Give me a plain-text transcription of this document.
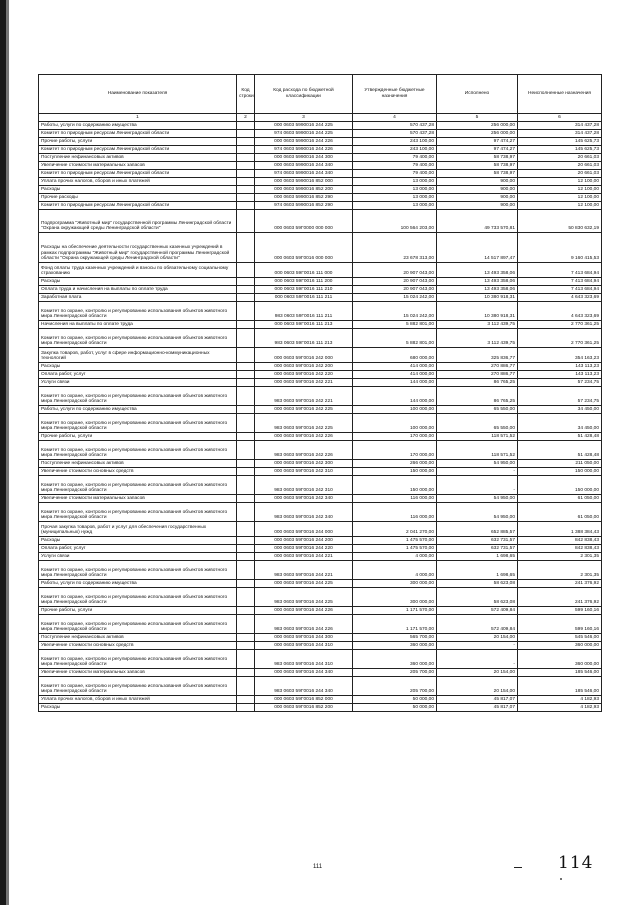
Наименование показателя	Код строки	Код расхода по бюджетной классификации	Утвержденные бюджетные назначения	Исполнено	Неисполненные назначения
1	2	3	4	5	6
Работы, услуги по содержанию имущества		000 0603 5990016 244 225	570 437,28	256 000,00	314 437,28
Комитет по природным ресурсам Ленинградской области		974 0603 5990016 244 225	570 437,28	256 000,00	314 437,28
Прочие работы, услуги		000 0603 5990016 244 226	243 100,00	97 474,27	145 625,73
Комитет по природным ресурсам Ленинградской области		974 0603 5990016 244 226	243 100,00	97 474,27	145 625,73
Поступление нефинансовых активов		000 0603 5990016 244 300	79 400,00	58 738,97	20 661,03
Увеличение стоимости материальных запасов		000 0603 5990016 244 340	79 400,00	58 738,97	20 661,03
Комитет по природным ресурсам Ленинградской области		974 0603 5990016 244 340	79 400,00	58 738,97	20 661,03
Уплата прочих налогов, сборов и иных платежей		000 0603 5990016 852 000	13 000,00	900,00	12 100,00
Расходы		000 0603 5990016 852 200	13 000,00	900,00	12 100,00
Прочие расходы		000 0603 5990016 852 290	13 000,00	900,00	12 100,00
Комитет по природным ресурсам Ленинградской области		974 0603 5990016 852 290	13 000,00	900,00	12 100,00
Подпрограмма "Животный мир" государственной программы Ленинградской области "Охрана окружающей среды Ленинградской области"		000 0603 59Г0000 000 000	100 564 203,00	49 733 570,81	50 830 632,19
Расходы на обеспечение деятельности государственных казенных учреждений в рамках подпрограммы "Животный мир" государственной программы Ленинградской области "Охрана окружающей среды Ленинградской области"		000 0603 59Г0016 000 000	23 678 313,00	14 517 897,47	9 160 415,53
Фонд оплаты труда казенных учреждений и взносы по обязательному социальному страхованию		000 0603 59Г0016 111 000	20 907 043,00	13 493 358,06	7 413 684,94
Расходы		000 0603 59Г0016 111 200	20 907 043,00	13 493 358,06	7 413 684,94
Оплата труда и начисления на выплаты по оплате труда		000 0603 59Г0016 111 210	20 907 043,00	13 493 358,06	7 413 684,94
Заработная плата		000 0603 59Г0016 111 211	15 024 242,00	10 380 918,31	4 643 323,69
Комитет по охране, контролю и регулированию использования объектов животного мира Ленинградской области		983 0603 59Г0016 111 211	15 024 242,00	10 380 918,31	4 643 323,69
Начисления на выплаты по оплате труда		000 0603 59Г0016 111 213	5 882 801,00	3 112 439,75	2 770 361,25
Комитет по охране, контролю и регулированию использования объектов животного мира Ленинградской области		983 0603 59Г0016 111 213	5 882 801,00	3 112 439,75	2 770 361,25
Закупка товаров, работ, услуг в сфере информационно-коммуникационных технологий		000 0603 59Г0016 242 000	680 000,00	325 836,77	354 163,23
Расходы		000 0603 59Г0016 242 200	414 000,00	270 886,77	143 113,23
Оплата работ, услуг		000 0603 59Г0016 242 220	414 000,00	270 886,77	143 113,23
Услуги связи		000 0603 59Г0016 242 221	144 000,00	86 765,25	57 234,75
Комитет по охране, контролю и регулированию использования объектов животного мира Ленинградской области		983 0603 59Г0016 242 221	144 000,00	86 765,25	57 234,75
Работы, услуги по содержанию имущества		000 0603 59Г0016 242 225	100 000,00	65 550,00	34 450,00
Комитет по охране, контролю и регулированию использования объектов животного мира Ленинградской области		983 0603 59Г0016 242 225	100 000,00	65 550,00	34 450,00
Прочие работы, услуги		000 0603 59Г0016 242 226	170 000,00	118 571,52	51 428,48
Комитет по охране, контролю и регулированию использования объектов животного мира Ленинградской области		983 0603 59Г0016 242 226	170 000,00	118 571,52	51 428,48
Поступление нефинансовых активов		000 0603 59Г0016 242 300	266 000,00	54 950,00	211 050,00
Увеличение стоимости основных средств		000 0603 59Г0016 242 310	150 000,00	-	150 000,00
Комитет по охране, контролю и регулированию использования объектов животного мира Ленинградской области		983 0603 59Г0016 242 310	150 000,00	-	150 000,00
Увеличение стоимости материальных запасов		000 0603 59Г0016 242 340	116 000,00	54 950,00	61 050,00
Комитет по охране, контролю и регулированию использования объектов животного мира Ленинградской области		983 0603 59Г0016 242 340	116 000,00	54 950,00	61 050,00
Прочая закупка товаров, работ и услуг для обеспечения государственных (муниципальных) нужд		000 0603 59Г0016 244 000	2 041 270,00	652 885,57	1 388 384,43
Расходы		000 0603 59Г0016 244 200	1 475 570,00	632 731,57	842 838,43
Оплата работ, услуг		000 0603 59Г0016 244 220	1 475 570,00	632 731,57	842 838,43
Услуги связи		000 0603 59Г0016 244 221	4 000,00	1 698,65	2 301,35
Комитет по охране, контролю и регулированию использования объектов животного мира Ленинградской области		983 0603 59Г0016 244 221	4 000,00	1 698,65	2 301,35
Работы, услуги по содержанию имущества		000 0603 59Г0016 244 225	300 000,00	58 623,08	241 376,92
Комитет по охране, контролю и регулированию использования объектов животного мира Ленинградской области		983 0603 59Г0016 244 225	300 000,00	58 623,08	241 376,92
Прочие работы, услуги		000 0603 59Г0016 244 226	1 171 570,00	572 409,84	599 160,16
Комитет по охране, контролю и регулированию использования объектов животного мира Ленинградской области		983 0603 59Г0016 244 226	1 171 570,00	572 409,84	599 160,16
Поступление нефинансовых активов		000 0603 59Г0016 244 300	565 700,00	20 154,00	545 546,00
Увеличение стоимости основных средств		000 0603 59Г0016 244 310	360 000,00	-	360 000,00
Комитет по охране, контролю и регулированию использования объектов животного мира Ленинградской области		983 0603 59Г0016 244 310	360 000,00	-	360 000,00
Увеличение стоимости материальных запасов		000 0603 59Г0016 244 340	205 700,00	20 154,00	185 546,00
Комитет по охране, контролю и регулированию использования объектов животного мира Ленинградской области		983 0603 59Г0016 244 340	205 700,00	20 154,00	185 546,00
Уплата прочих налогов, сборов и иных платежей		000 0603 59Г0016 852 000	50 000,00	45 817,07	4 182,93
Расходы		000 0603 59Г0016 852 200	50 000,00	45 817,07	4 182,93
111	114
